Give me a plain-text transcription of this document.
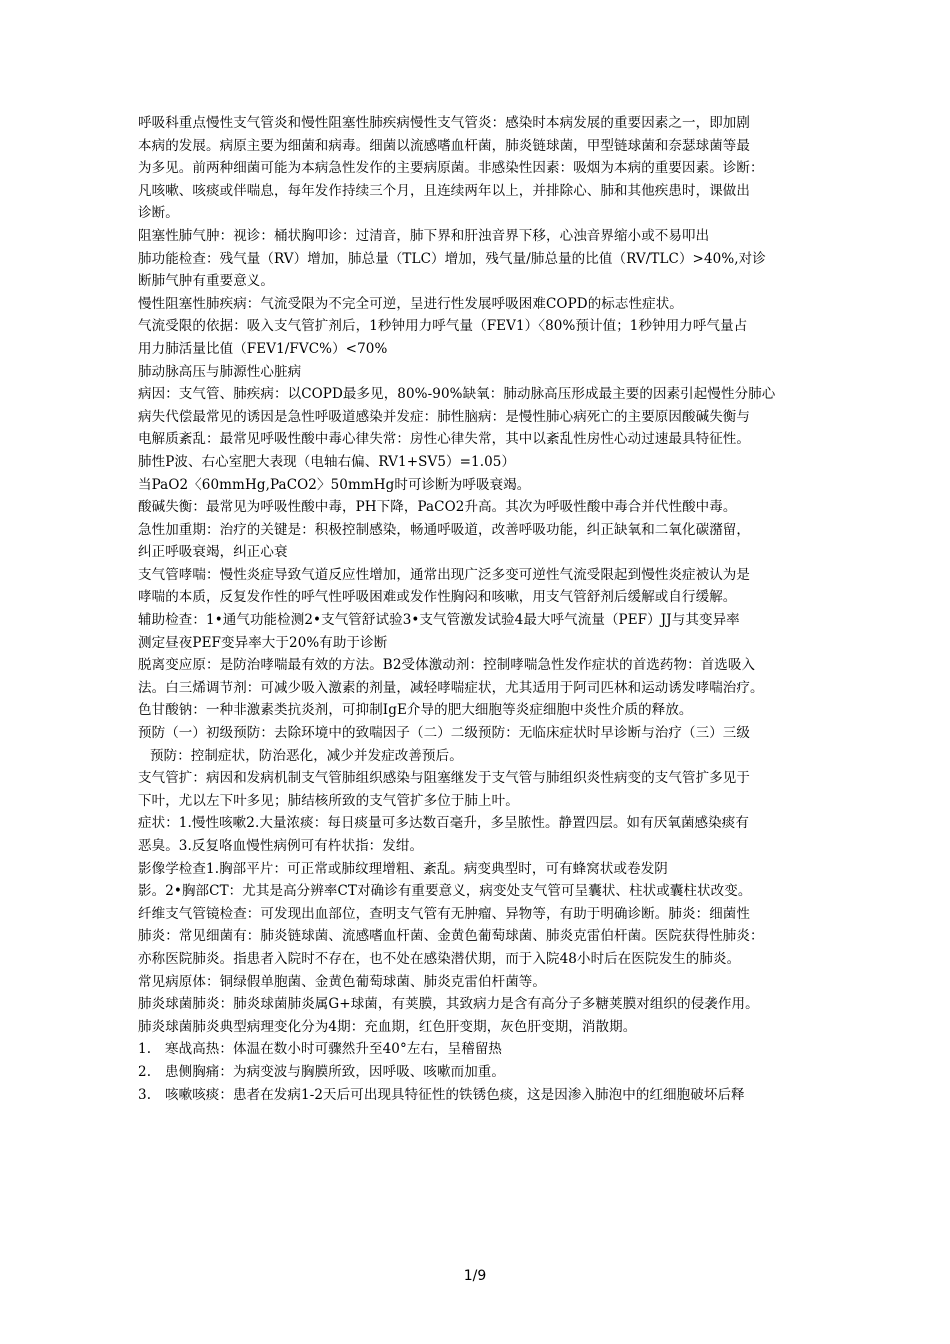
呼吸科重点慢性支气管炎和慢性阻塞性肺疾病慢性支气管炎：感染时本病发展的重要因素之一，即加剧
本病的发展。病原主要为细菌和病毒。细菌以流感嗜血杆菌，肺炎链球菌，甲型链球菌和奈瑟球菌等最
为多见。前两种细菌可能为本病急性发作的主要病原菌。非感染性因素：吸烟为本病的重要因素。诊断：
凡咳嗽、咳痰或伴喘息，每年发作持续三个月，且连续两年以上，并排除心、肺和其他疾患时，课做出
诊断。
阻塞性肺气肿：视诊：桶状胸叩诊：过清音，肺下界和肝浊音界下移，心浊音界缩小或不易叩出
肺功能检查：残气量（RV）增加，肺总量（TLC）增加，残气量/肺总量的比值（RV/TLC）>40%,对诊
断肺气肿有重要意义。
慢性阻塞性肺疾病：气流受限为不完全可逆，呈进行性发展呼吸困难COPD的标志性症状。
气流受限的依据：吸入支气管扩剂后，1秒钟用力呼气量（FEV1）〈80%预计值；1秒钟用力呼气量占
用力肺活量比值（FEV1/FVC%）<70%
肺动脉高压与肺源性心脏病
病因：支气管、肺疾病：以COPD最多见，80%-90%缺氧：肺动脉高压形成最主要的因素引起慢性分肺心
病失代偿最常见的诱因是急性呼吸道感染并发症：肺性脑病：是慢性肺心病死亡的主要原因酸碱失衡与
电解质紊乱：最常见呼吸性酸中毒心律失常：房性心律失常，其中以紊乱性房性心动过速最具特征性。
肺性P波、右心室肥大表现（电轴右偏、RV1+SV5）=1.05）
当PaO2〈60mmHg,PaCO2〉50mmHg时可诊断为呼吸衰竭。
酸碱失衡：最常见为呼吸性酸中毒，PH下降，PaCO2升高。其次为呼吸性酸中毒合并代性酸中毒。
急性加重期：治疗的关键是：积极控制感染，畅通呼吸道，改善呼吸功能，纠正缺氧和二氧化碳潴留，
纠正呼吸衰竭，纠正心衰
支气管哮喘：慢性炎症导致气道反应性增加，通常出现广泛多变可逆性气流受限起到慢性炎症被认为是
哮喘的本质，反复发作性的呼气性呼吸困难或发作性胸闷和咳嗽，用支气管舒剂后缓解或自行缓解。
辅助检查：1•通气功能检测2•支气管舒试验3•支气管激发试验4最大呼气流量（PEF）JJ与其变异率
测定昼夜PEF变异率大于20%有助于诊断
脱离变应原：是防治哮喘最有效的方法。B2受体激动剂：控制哮喘急性发作症状的首选药物：首选吸入
法。白三烯调节剂：可减少吸入激素的剂量，减轻哮喘症状，尤其适用于阿司匹林和运动诱发哮喘治疗。
色甘酸钠：一种非激素类抗炎剂，可抑制IgE介导的肥大细胞等炎症细胞中炎性介质的释放。
预防（一）初级预防：去除环境中的致喘因子（二）二级预防：无临床症状时早诊断与治疗（三）三级
预防：控制症状，防治恶化，减少并发症改善预后。
支气管扩：病因和发病机制支气管肺组织感染与阻塞继发于支气管与肺组织炎性病变的支气管扩多见于
下叶，尤以左下叶多见；肺结核所致的支气管扩多位于肺上叶。
症状：1.慢性咳嗽2.大量浓痰：每日痰量可多达数百毫升，多呈脓性。静置四层。如有厌氧菌感染痰有
恶臭。3.反复咯血慢性病例可有杵状指：发绀。
影像学检查1.胸部平片：可正常或肺纹理增粗、紊乱。病变典型时，可有蜂窝状或卷发阴
影。2•胸部CT：尤其是高分辨率CT对确诊有重要意义，病变处支气管可呈囊状、柱状或囊柱状改变。
纤维支气管镜检查：可发现出血部位，查明支气管有无肿瘤、异物等，有助于明确诊断。肺炎：细菌性
肺炎：常见细菌有：肺炎链球菌、流感嗜血杆菌、金黄色葡萄球菌、肺炎克雷伯杆菌。医院获得性肺炎：
亦称医院肺炎。指患者入院时不存在，也不处在感染潜伏期，而于入院48小时后在医院发生的肺炎。
常见病原体：铜绿假单胞菌、金黄色葡萄球菌、肺炎克雷伯杆菌等。
肺炎球菌肺炎：肺炎球菌肺炎属G+球菌，有荚膜，其致病力是含有高分子多糖荚膜对组织的侵袭作用。
肺炎球菌肺炎典型病理变化分为4期：充血期，红色肝变期，灰色肝变期，消散期。
1. 寒战高热：体温在数小时可骤然升至40°左右，呈稽留热
2. 患侧胸痛：为病变波与胸膜所致，因呼吸、咳嗽而加重。
3. 咳嗽咳痰：患者在发病1-2天后可出现具特征性的铁锈色痰，这是因渗入肺泡中的红细胞破坏后释
1/9
